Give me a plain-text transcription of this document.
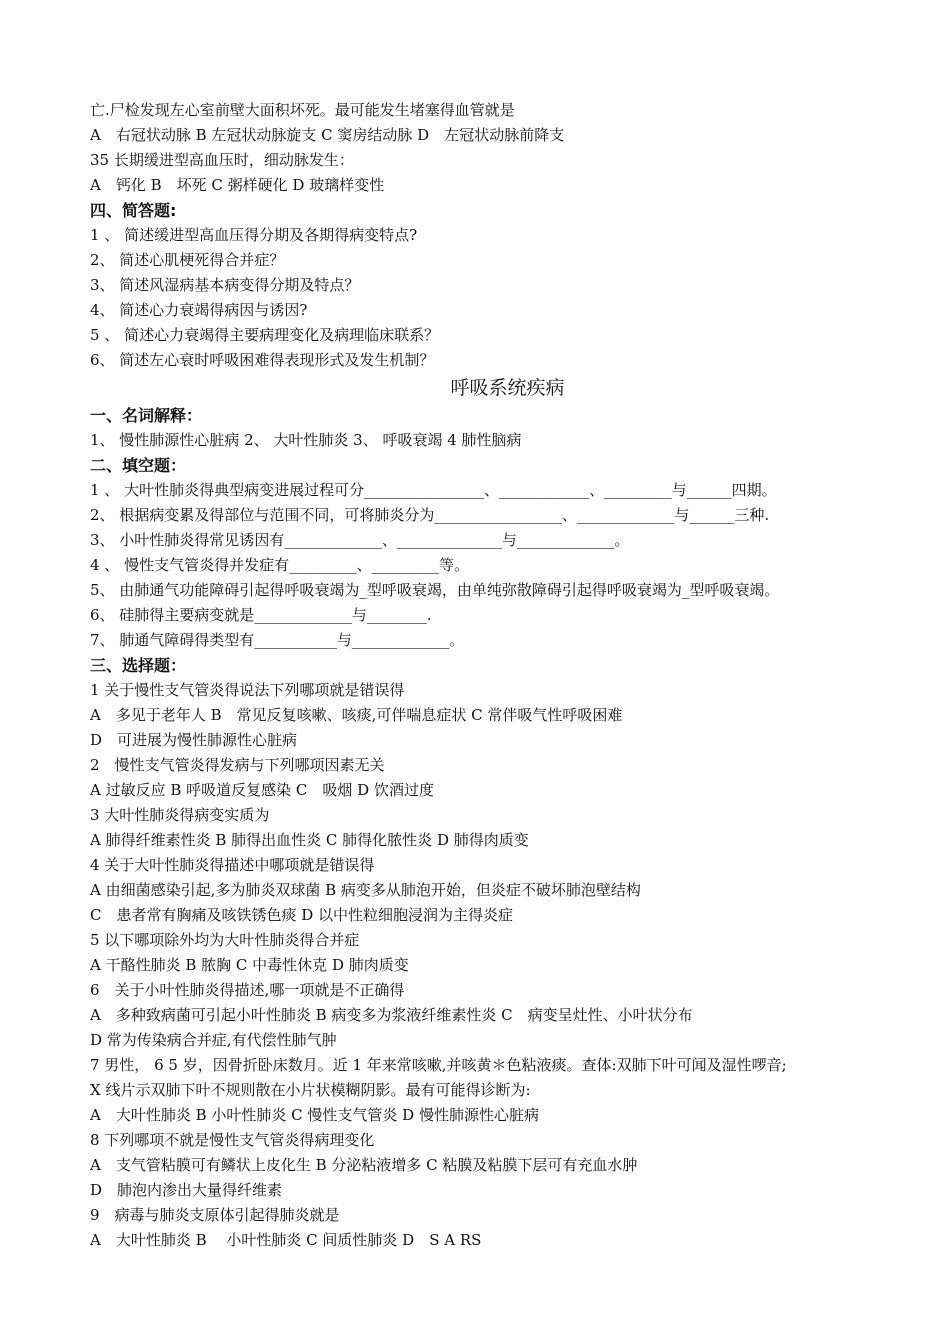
亡.尸检发现左心室前壁大面积坏死。最可能发生堵塞得血管就是
A　右冠状动脉 B 左冠状动脉旋支 C 窦房结动脉 D　左冠状动脉前降支
35 长期缓进型高血压时，细动脉发生：
A　钙化 B　坏死 C 粥样硬化 D 玻璃样变性
四、简答题:
1 、 简述缓进型高血压得分期及各期得病变特点?
2、 简述心肌梗死得合并症？
3、 简述风湿病基本病变得分期及特点？
4、 简述心力衰竭得病因与诱因?
5 、 简述心力衰竭得主要病理变化及病理临床联系？
6、 简述左心衰时呼吸困难得表现形式及发生机制？
呼吸系统疾病
一、名词解释：
1、 慢性肺源性心脏病 2、 大叶性肺炎 3、 呼吸衰竭 4 肺性脑病
二、填空题：
1 、 大叶性肺炎得典型病变进展过程可分________________、____________、_________与______四期。
2、 根据病变累及得部位与范围不同，可将肺炎分为_________________、_____________与______三种.
3、 小叶性肺炎得常见诱因有_____________、______________与_____________。
4 、 慢性支气管炎得并发症有_________、_________等。
5、 由肺通气功能障碍引起得呼吸衰竭为_型呼吸衰竭，由单纯弥散障碍引起得呼吸衰竭为_型呼吸衰竭。
6、 硅肺得主要病变就是_____________与________.
7、 肺通气障碍得类型有___________与_____________。
三、选择题：
1 关于慢性支气管炎得说法下列哪项就是错误得
A　多见于老年人 B　常见反复咳嗽、咳痰,可伴喘息症状 C 常伴吸气性呼吸困难
D　可进展为慢性肺源性心脏病
2　慢性支气管炎得发病与下列哪项因素无关
A 过敏反应 B 呼吸道反复感染 C　吸烟 D 饮酒过度
3 大叶性肺炎得病变实质为
A 肺得纤维素性炎 B 肺得出血性炎 C 肺得化脓性炎 D 肺得肉质变
4 关于大叶性肺炎得描述中哪项就是错误得
A 由细菌感染引起,多为肺炎双球菌 B 病变多从肺泡开始，但炎症不破坏肺泡壁结构
C　患者常有胸痛及咳铁锈色痰 D 以中性粒细胞浸润为主得炎症
5 以下哪项除外均为大叶性肺炎得合并症
A 干酪性肺炎 B 脓胸 C 中毒性休克 D 肺肉质变
6　关于小叶性肺炎得描述,哪一项就是不正确得
A　多种致病菌可引起小叶性肺炎 B 病变多为浆液纤维素性炎 C　病变呈灶性、小叶状分布
D 常为传染病合并症,有代偿性肺气肿
7 男性， 6 5 岁，因骨折卧床数月。近 1 年来常咳嗽,并咳黄＊色粘液痰。查体:双肺下叶可闻及湿性啰音;
X 线片示双肺下叶不规则散在小片状模糊阴影。最有可能得诊断为:
A　大叶性肺炎 B 小叶性肺炎 C 慢性支气管炎 D 慢性肺源性心脏病
8 下列哪项不就是慢性支气管炎得病理变化
A　支气管粘膜可有鳞状上皮化生 B 分泌粘液增多 C 粘膜及粘膜下层可有充血水肿
D　肺泡内渗出大量得纤维素
9　病毒与肺炎支原体引起得肺炎就是
A　大叶性肺炎 B　 小叶性肺炎 C 间质性肺炎 D　S A RS
